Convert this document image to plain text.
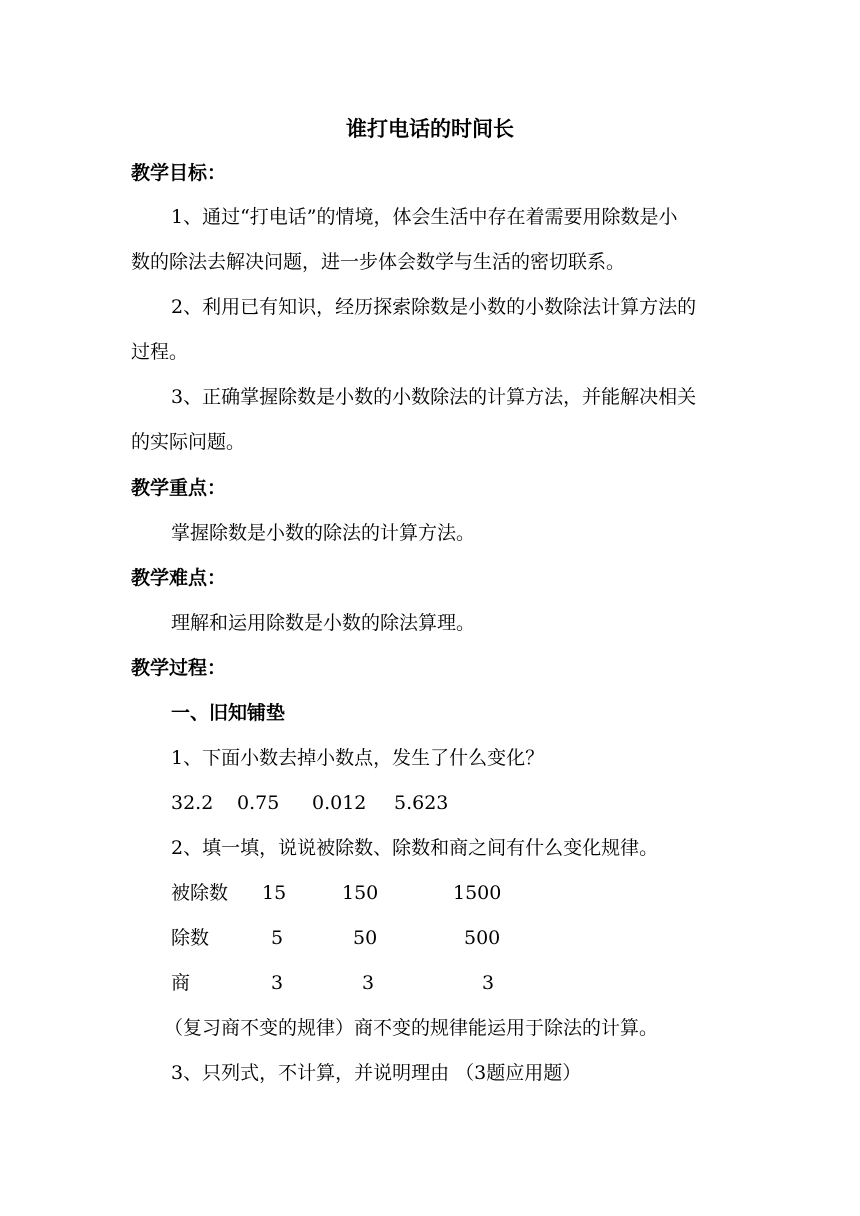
谁打电话的时间长
教学目标：
1、通过“打电话”的情境，体会生活中存在着需要用除数是小
数的除法去解决问题，进一步体会数学与生活的密切联系。
2、利用已有知识，经历探索除数是小数的小数除法计算方法的
过程。
3、正确掌握除数是小数的小数除法的计算方法，并能解决相关
的实际问题。
教学重点：
掌握除数是小数的除法的计算方法。
教学难点：
理解和运用除数是小数的除法算理。
教学过程：
一、旧知铺垫
1、下面小数去掉小数点，发生了什么变化？
32.2 0.75 0.012 5.623
2、填一填，说说被除数、除数和商之间有什么变化规律。
被除数 15	150	1500
除数	5	50	500
商	3	3	3
（复习商不变的规律）商不变的规律能运用于除法的计算。
3、只列式，不计算，并说明理由 （3题应用题）
